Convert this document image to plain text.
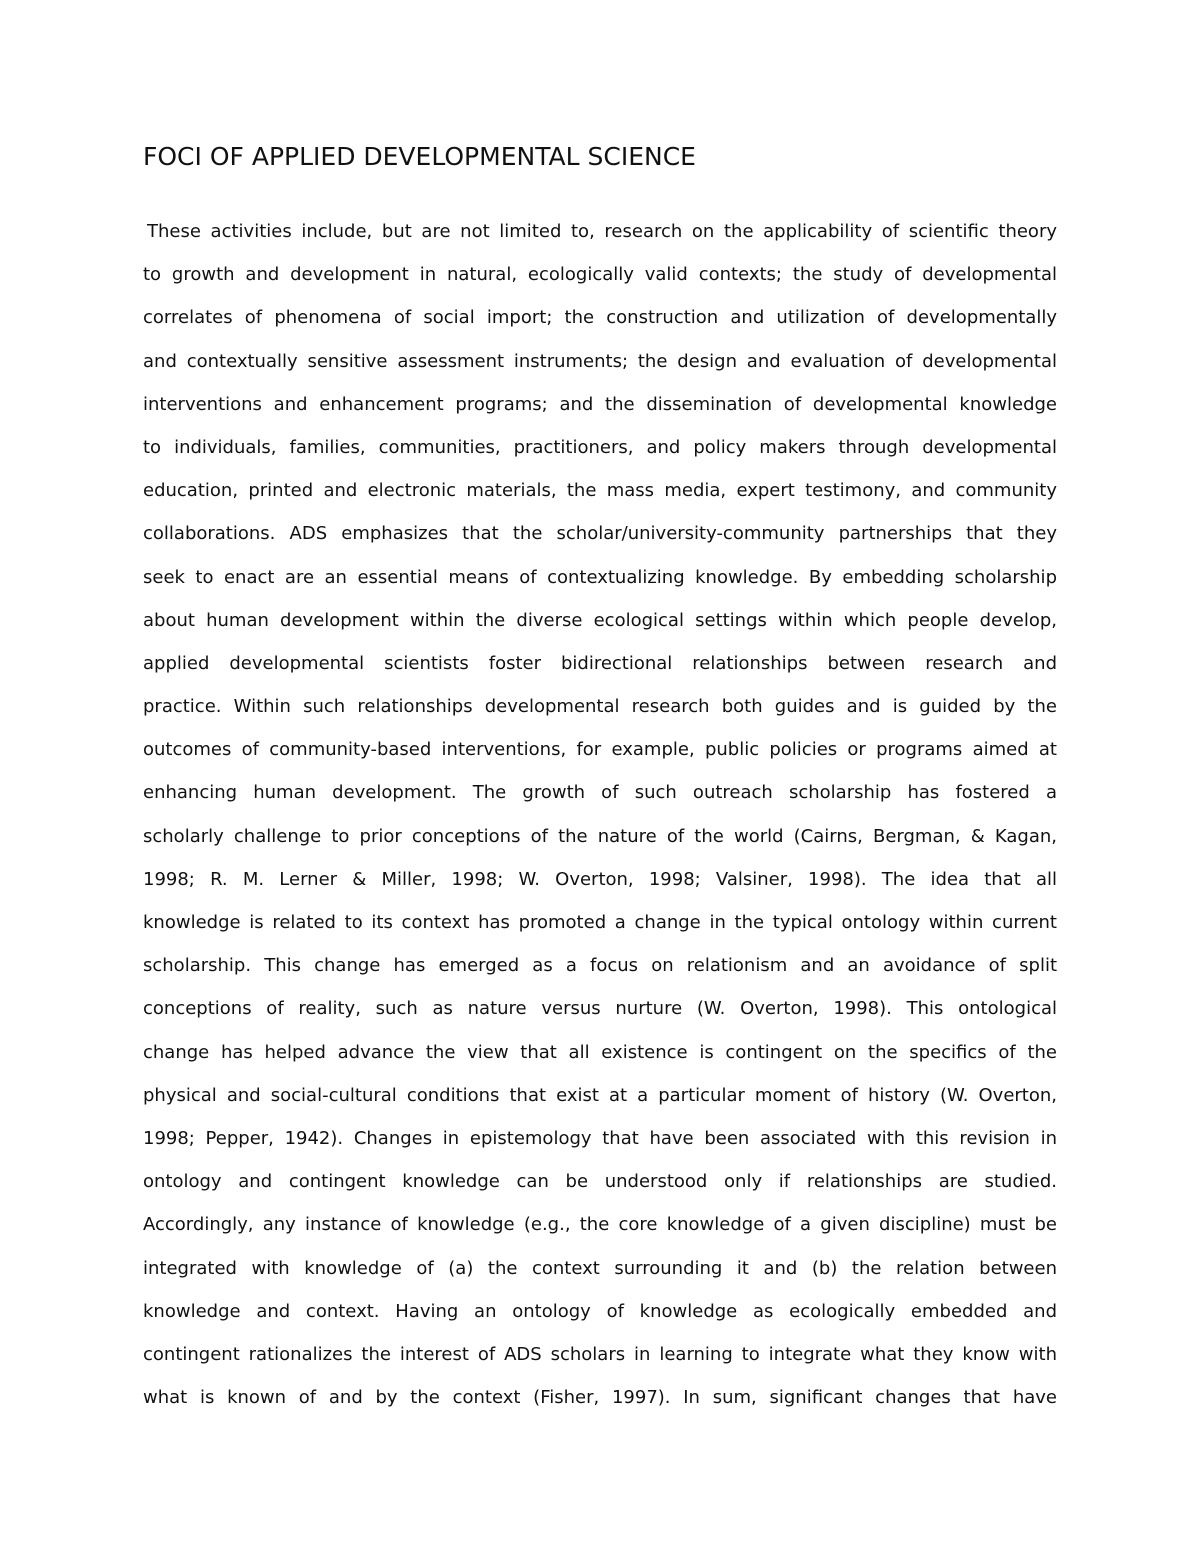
FOCI OF APPLIED DEVELOPMENTAL SCIENCE
These activities include, but are not limited to, research on the applicability of scientific theory
to growth and development in natural, ecologically valid contexts; the study of developmental
correlates of phenomena of social import; the construction and utilization of developmentally
and contextually sensitive assessment instruments; the design and evaluation of developmental
interventions and enhancement programs; and the dissemination of developmental knowledge
to individuals, families, communities, practitioners, and policy makers through developmental
education, printed and electronic materials, the mass media, expert testimony, and community
collaborations. ADS emphasizes that the scholar/university-community partnerships that they
seek to enact are an essential means of contextualizing knowledge. By embedding scholarship
about human development within the diverse ecological settings within which people develop,
applied developmental scientists foster bidirectional relationships between research and
practice. Within such relationships developmental research both guides and is guided by the
outcomes of community-based interventions, for example, public policies or programs aimed at
enhancing human development. The growth of such outreach scholarship has fostered a
scholarly challenge to prior conceptions of the nature of the world (Cairns, Bergman, & Kagan,
1998; R. M. Lerner & Miller, 1998; W. Overton, 1998; Valsiner, 1998). The idea that all
knowledge is related to its context has promoted a change in the typical ontology within current
scholarship. This change has emerged as a focus on relationism and an avoidance of split
conceptions of reality, such as nature versus nurture (W. Overton, 1998). This ontological
change has helped advance the view that all existence is contingent on the specifics of the
physical and social-cultural conditions that exist at a particular moment of history (W. Overton,
1998; Pepper, 1942). Changes in epistemology that have been associated with this revision in
ontology and contingent knowledge can be understood only if relationships are studied.
Accordingly, any instance of knowledge (e.g., the core knowledge of a given discipline) must be
integrated with knowledge of (a) the context surrounding it and (b) the relation between
knowledge and context. Having an ontology of knowledge as ecologically embedded and
contingent rationalizes the interest of ADS scholars in learning to integrate what they know with
what is known of and by the context (Fisher, 1997). In sum, significant changes that have
